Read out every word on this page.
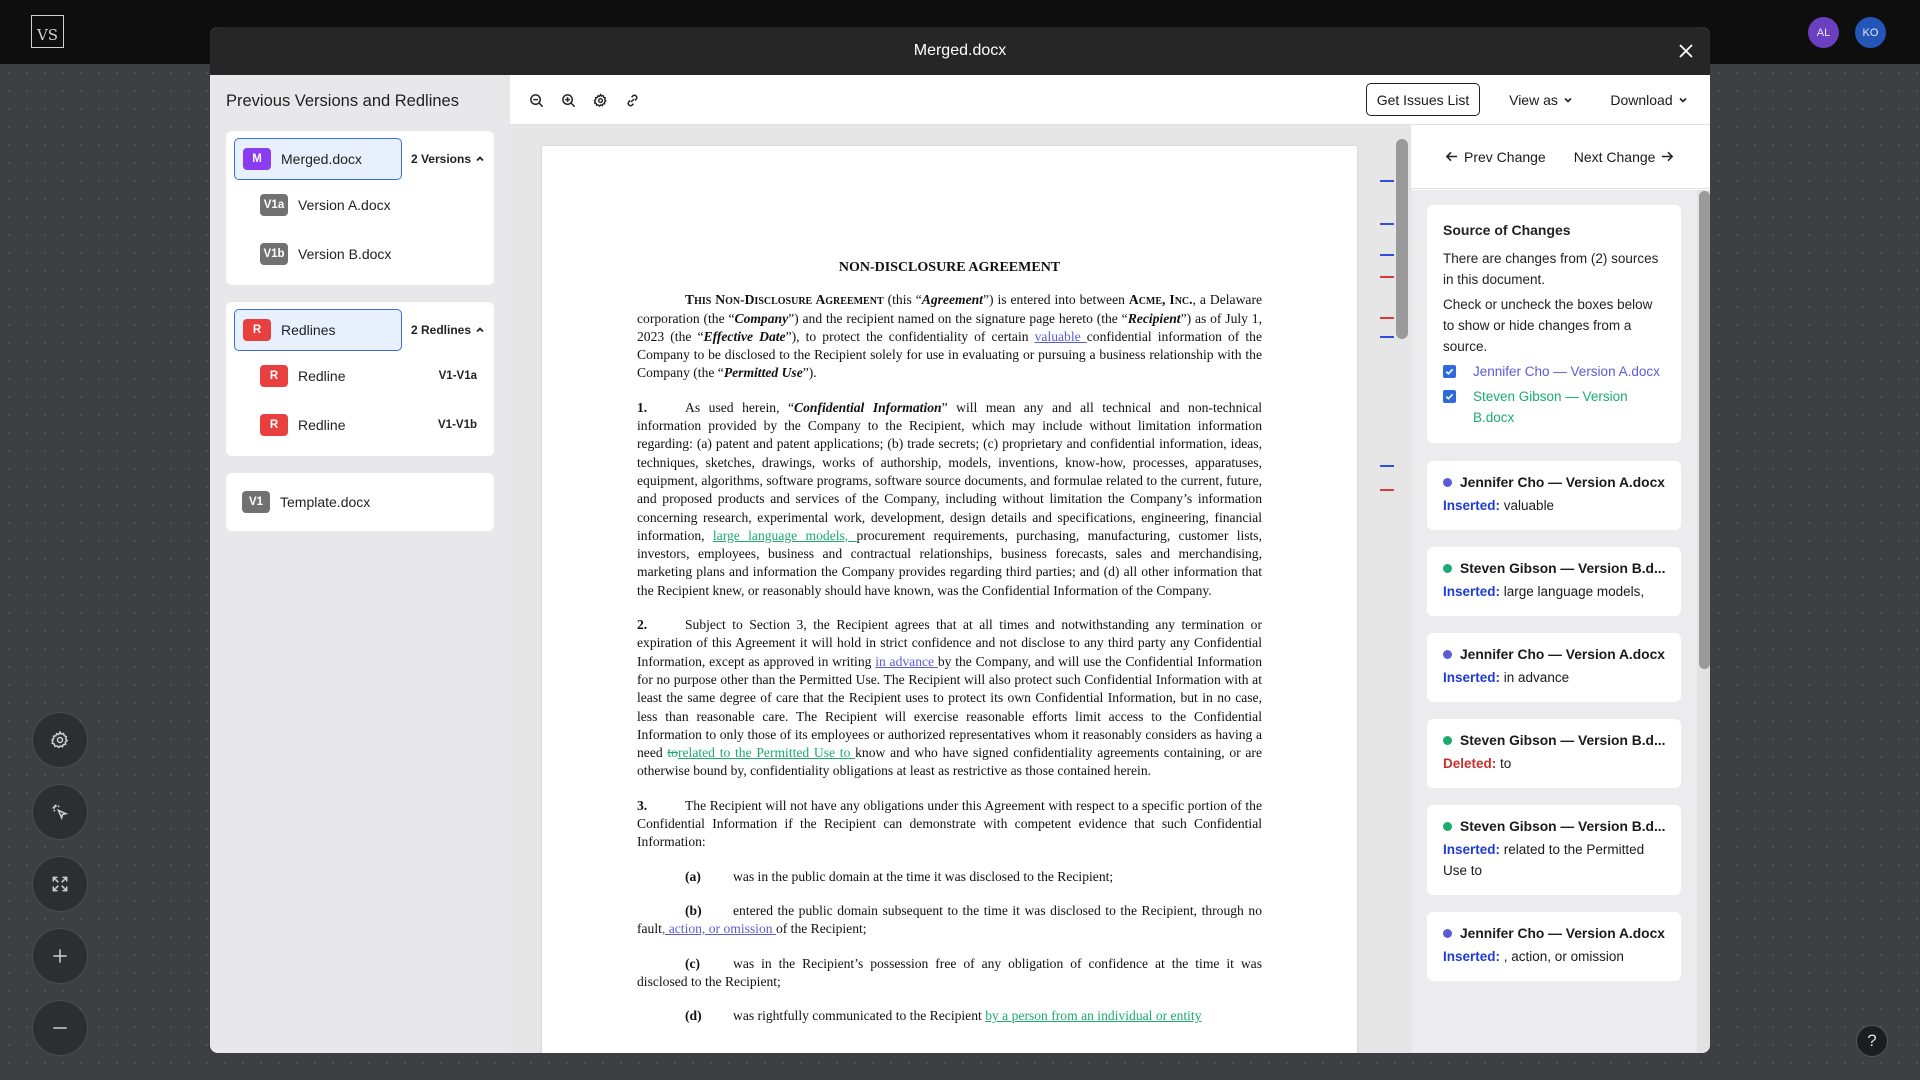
VS	AL	KO
?
Merged.docx
Previous Versions and Redlines
M	Merged.docx	2 Versions
V1a Version A.docx
V1b Version B.docx
R	Redlines	2 Redlines
R	Redline	V1-V1a
R	Redline	V1-V1b
V1	Template.docx
Get Issues List	View as	Download
NON-DISCLOSURE AGREEMENT

This Non-Disclosure Agreement (this “Agreement”) is entered into between Acme, Inc., a Delaware corporation (the “Company”) and the recipient named on the signature page hereto (the “Recipient”) as of July 1, 2023 (the “Effective Date”), to protect the confidentiality of certain valuable confidential information of the Company to be disclosed to the Recipient solely for use in evaluating or pursuing a business relationship with the Company (the “Permitted Use”).

1.	As used herein, “Confidential Information” will mean any and all technical and non-technical information provided by the Company to the Recipient, which may include without limitation information regarding: (a) patent and patent applications; (b) trade secrets; (c) proprietary and confidential information, ideas, techniques, sketches, drawings, works of authorship, models, inventions, know-how, processes, apparatuses, equipment, algorithms, software programs, software source documents, and formulae related to the current, future, and proposed products and services of the Company, including without limitation the Company’s information concerning research, experimental work, development, design details and specifications, engineering, financial information, large language models, procurement requirements, purchasing, manufacturing, customer lists, investors, employees, business and contractual relationships, business forecasts, sales and merchandising, marketing plans and information the Company provides regarding third parties; and (d) all other information that the Recipient knew, or reasonably should have known, was the Confidential Information of the Company.

2.	Subject to Section 3, the Recipient agrees that at all times and notwithstanding any termination or expiration of this Agreement it will hold in strict confidence and not disclose to any third party any Confidential Information, except as approved in writing in advance by the Company, and will use the Confidential Information for no purpose other than the Permitted Use. The Recipient will also protect such Confidential Information with at least the same degree of care that the Recipient uses to protect its own Confidential Information, but in no case, less than reasonable care. The Recipient will exercise reasonable efforts limit access to the Confidential Information to only those of its employees or authorized representatives whom it reasonably considers as having a need torelated to the Permitted Use to know and who have signed confidentiality agreements containing, or are otherwise bound by, confidentiality obligations at least as restrictive as those contained herein.

3.	The Recipient will not have any obligations under this Agreement with respect to a specific portion of the Confidential Information if the Recipient can demonstrate with competent evidence that such Confidential Information:

(a) was in the public domain at the time it was disclosed to the Recipient;

(b) entered the public domain subsequent to the time it was disclosed to the Recipient, through no fault, action, or omission of the Recipient;

(c) was in the Recipient’s possession free of any obligation of confidence at the time it was disclosed to the Recipient;

(d) was rightfully communicated to the Recipient by a person from an individual or entity

Prev Change Next Change
Source of Changes

There are changes from (2) sources in this document.

Check or uncheck the boxes below to show or hide changes from a source.

Jennifer Cho — Version A.docx
Steven Gibson — Version B.docx
Jennifer Cho — Version A.docx
Inserted: valuable
Steven Gibson — Version B.d...
Inserted: large language models,
Jennifer Cho — Version A.docx
Inserted: in advance
Steven Gibson — Version B.d...
Deleted: to
Steven Gibson — Version B.d...
Inserted: related to the Permitted Use to
Jennifer Cho — Version A.docx
Inserted: , action, or omission
